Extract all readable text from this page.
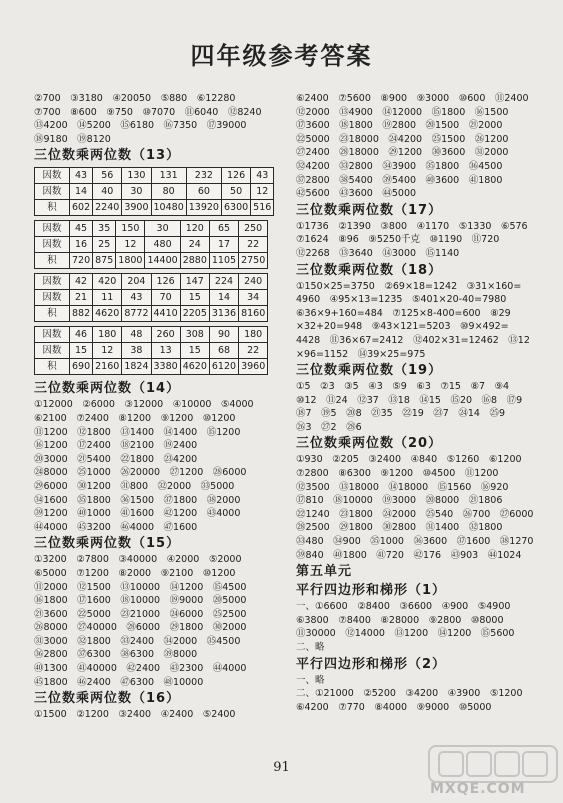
四年级参考答案
②700　③3180　④20050　⑤880　⑥12280
⑦700　⑧600　⑨750　⑩7070　⑪6040　⑫8240
⑬4200　⑭5200　⑮6180　⑯7350　⑰39000
⑱9180　⑲8120
三位数乘两位数（13）
因数	43	56	130	131	232	126	43
因数	14	40	30	80	60	50	12
积	602	2240	3900	10480	13920	6300	516
因数	45	35	150	30	120	65	250
因数	16	25	12	480	24	17	22
积	720	875	1800	14400	2880	1105	2750
因数	42	420	204	126	147	224	240
因数	21	11	43	70	15	14	34
积	882	4620	8772	4410	2205	3136	8160
因数	46	180	48	260	308	90	180
因数	15	12	38	13	15	68	22
积	690	2160	1824	3380	4620	6120	3960
三位数乘两位数（14）
①12000　②6000　③12000　④10000　⑤4000
⑥2100　⑦2400　⑧1200　⑨1200　⑩1200
⑪1200　⑫1800　⑬1400　⑭1400　⑮1200
⑯1200　⑰2400　⑱2100　⑲2400
⑳3000　㉑5400　㉒1800　㉓4200
㉔8000　㉕1000　㉖20000　㉗1200　㉘6000
㉙6000　㉚1200　㉛800　㉜2000　㉝5000
㉞1600　㉟1800　㊱1500　㊲1800　㊳2000
㊴1200　㊵1000　㊶1600　㊷1200　㊸4000
㊹4000　㊺3200　㊻4000　㊼1600
三位数乘两位数（15）
①3200　②7800　③40000　④2000　⑤2000
⑥5000　⑦1200　⑧2000　⑨2100　⑩1200
⑪2000　⑫1500　⑬10000　⑭1200　⑮4500
⑯1800　⑰1600　⑱10000　⑲9000　⑳5000
㉑3600　㉒5000　㉓21000　㉔6000　㉕2500
㉖8000　㉗40000　㉘6000　㉙1800　㉚2000
㉛3000　㉜1800　㉝2400　㉞2000　㉟4500
㊱2800　㊲6300　㊳6300　㊴8000
㊵1300　㊶40000　㊷2400　㊸2300　㊹4000
㊺1800　㊻2400　㊼6300　㊽10000
三位数乘两位数（16）
①1500　②1200　③2400　④2400　⑤2400
⑥2400　⑦5600　⑧900　⑨3000　⑩600　⑪2400
⑫2000　⑬4900　⑭12000　⑮1800　⑯1500
⑰3600　⑱1800　⑲2800　⑳1500　㉑2000
㉒5000　㉓18000　㉔4200　㉕1500　㉖1200
㉗2400　㉘18000　㉙1200　㉚3600　㉛2000
㉜4200　㉝2800　㉞3900　㉟1800　㊱4500
㊲2800　㊳5400　㊴5400　㊵3600　㊶1800
㊷5600　㊸3600　㊹5000
三位数乘两位数（17）
①1736　②1390　③800　④1170　⑤1330　⑥576
⑦1624　⑧96　⑨5250千克　⑩1190　⑪720
⑫2268　⑬3640　⑭3000　⑮1140
三位数乘两位数（18）
①150×25=3750　②69×18=1242　③31×160=
4960　④95×13=1235　⑤401×20-40=7980
⑥36×9+160=484　⑦125×8-400=600　⑧29
×32+20=948　⑨43×121=5203　⑩9×492=
4428　⑪36×67=2412　⑫402×31=12462　⑬12
×96=1152　⑭39×25=975
三位数乘两位数（19）
①5　②3　③5　④3　⑤9　⑥3　⑦15　⑧7　⑨4
⑩12　⑪24　⑫37　⑬18　⑭15　⑮20　⑯8　⑰9
⑱7　⑲5　⑳8　㉑35　㉒19　㉓7　㉔14　㉕9
㉖3　㉗2　㉘6
三位数乘两位数（20）
①930　②205　③2400　④840　⑤1260　⑥1200
⑦2800　⑧6300　⑨1200　⑩4500　⑪1200
⑫3500　⑬18000　⑭18000　⑮1560　⑯920
⑰810　⑱10000　⑲3000　⑳8000　㉑1806
㉒1240　㉓1800　㉔2000　㉕540　㉖700　㉗6000
㉘2500　㉙1800　㉚2800　㉛1400　㉜1800
㉝480　㉞900　㉟1000　㊱3600　㊲1600　㊳1270
㊴840　㊵1800　㊶720　㊷176　㊸903　㊹1024
第五单元
平行四边形和梯形（1）
一、①6600　②8400　③6600　④900　⑤4900
⑥3800　⑦8400　⑧28000　⑨2800　⑩8000
⑪30000　⑫14000　⑬1200　⑭1200　⑮5600
二、略
平行四边形和梯形（2）
一、略
二、①21000　②5200　③4200　④3900　⑤1200
⑥4200　⑦770　⑧4000　⑨9000　⑩5000
91
MXQE.COM
